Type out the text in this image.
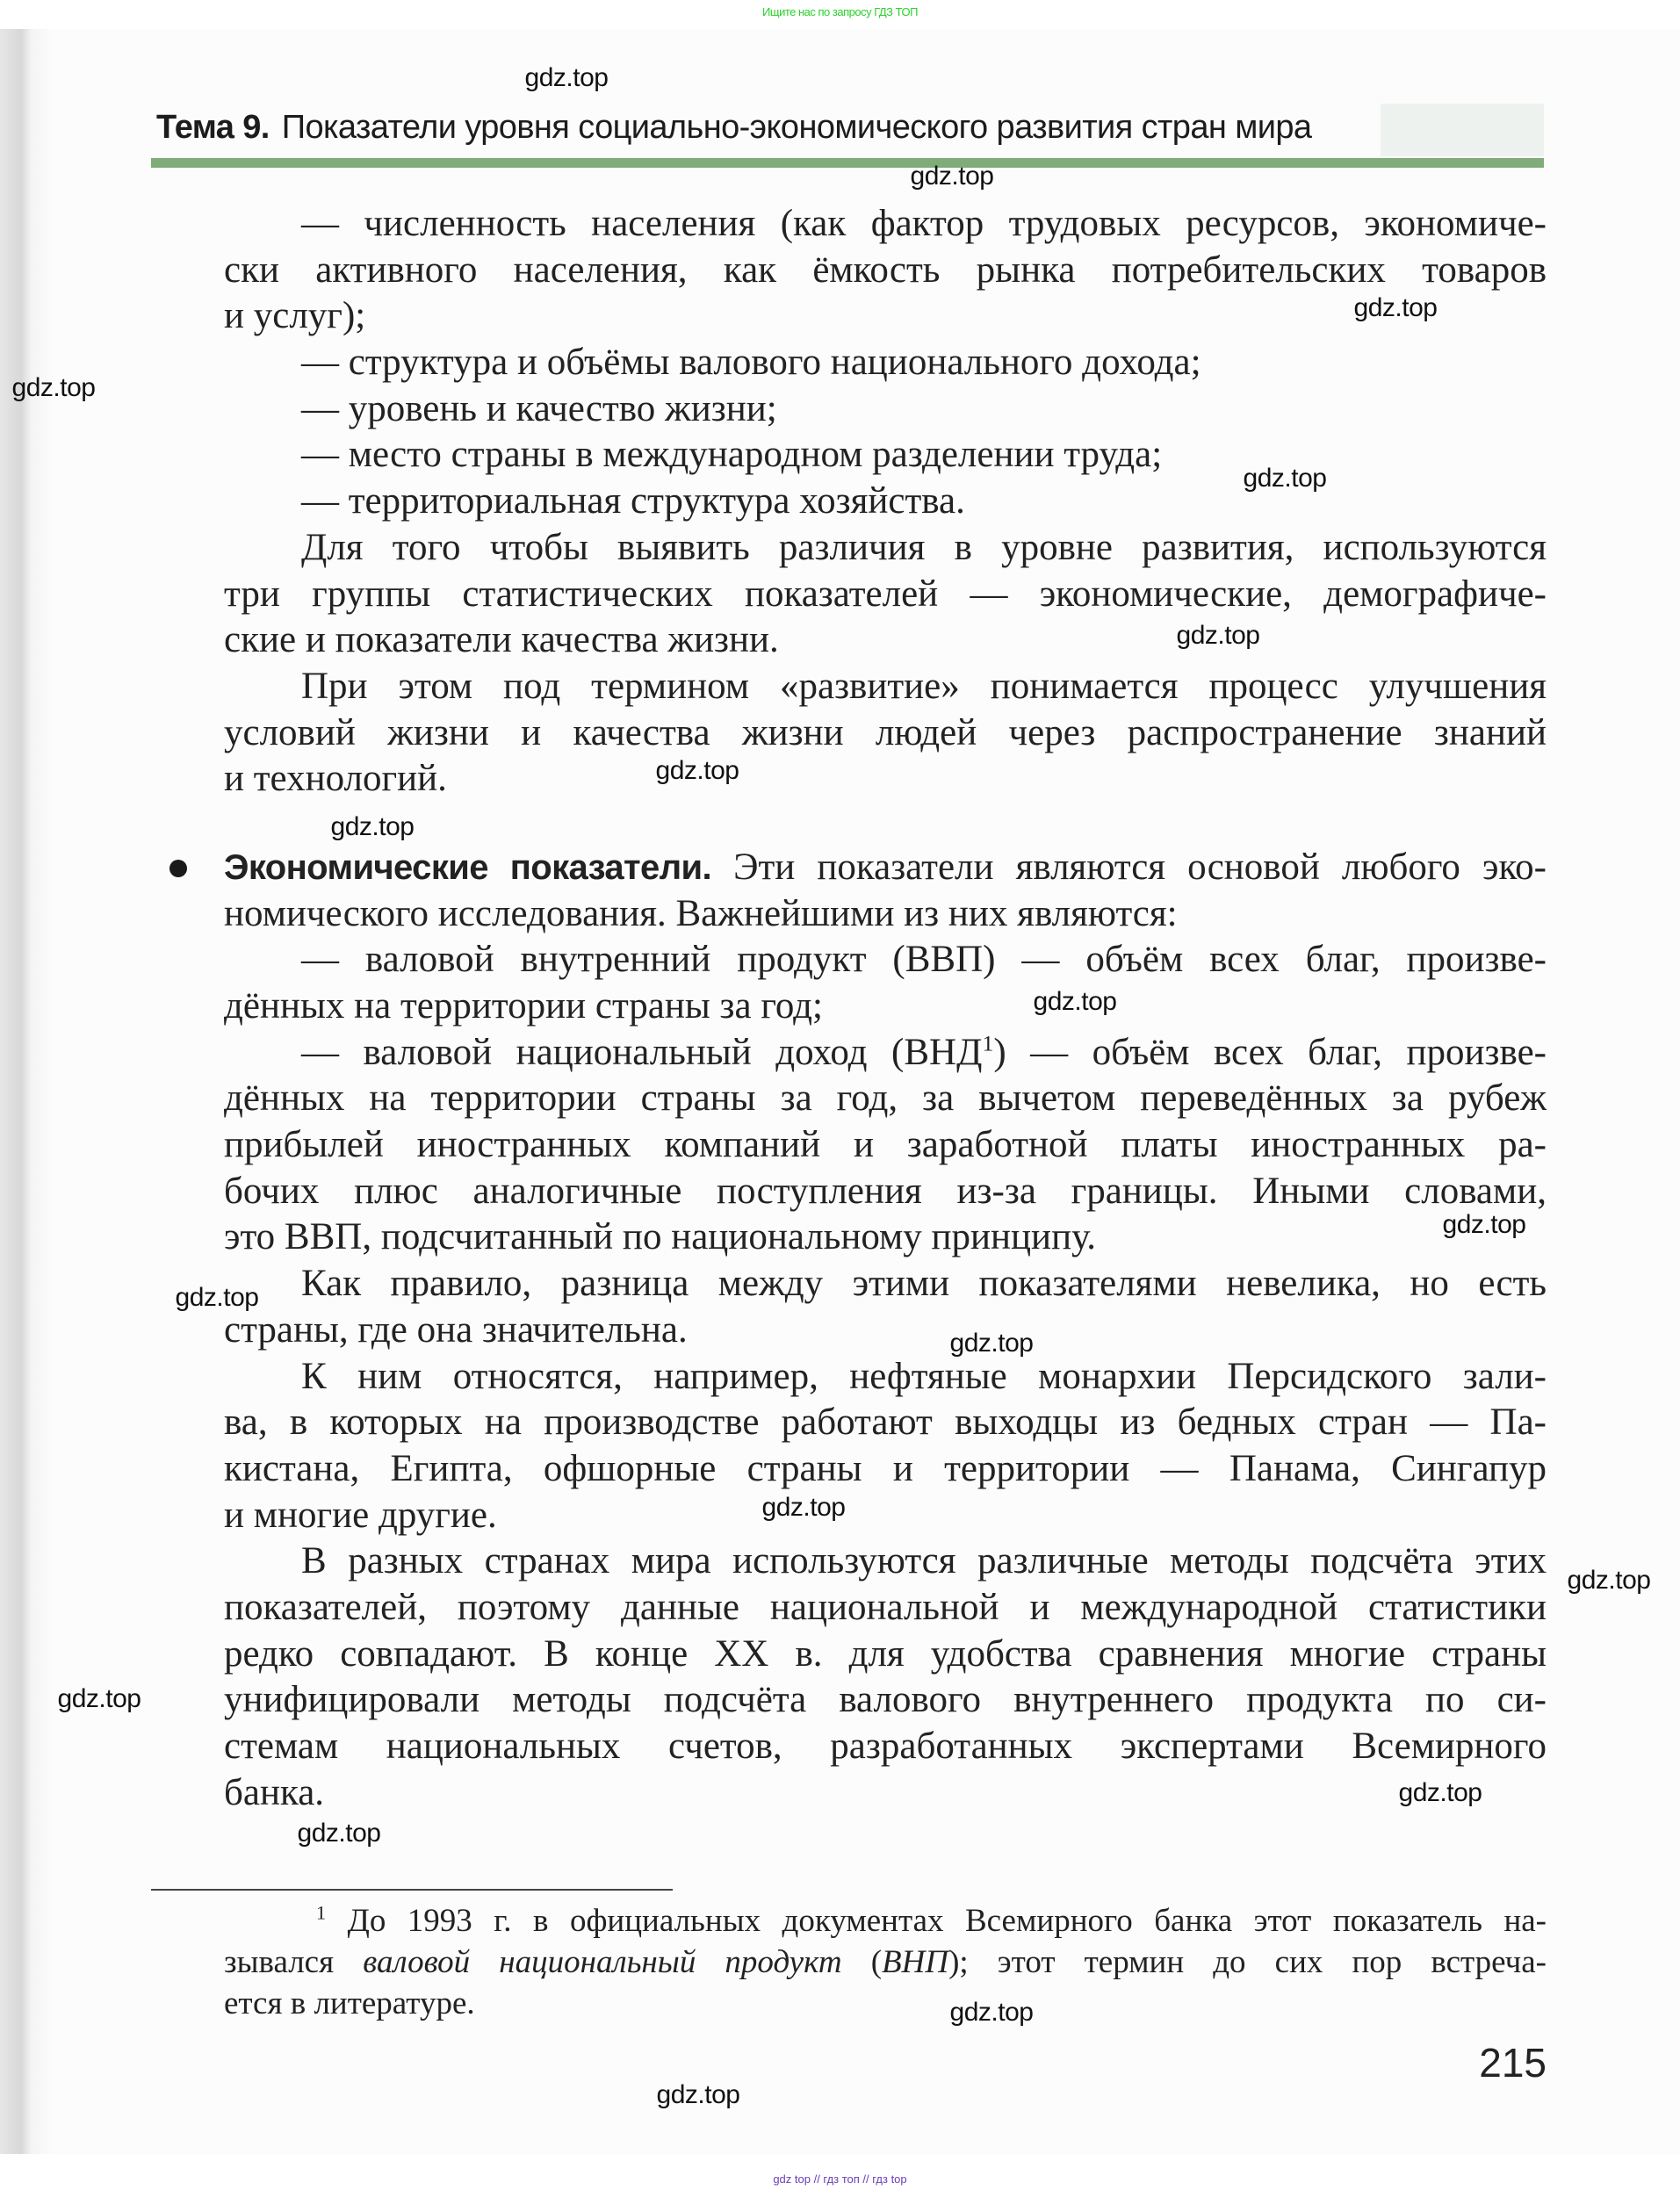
Ищите нас по запросу ГДЗ ТОП
Тема 9. Показатели уровня социально-экономического развития стран мира
— численность населения (как фактор трудовых ресурсов, экономиче-
ски активного населения, как ёмкость рынка потребительских товаров
и услуг);
— структура и объёмы валового национального дохода;
— уровень и качество жизни;
— место страны в международном разделении труда;
— территориальная структура хозяйства.
Для того чтобы выявить различия в уровне развития, используются
три группы статистических показателей — экономические, демографиче-
ские и показатели качества жизни.
При этом под термином «развитие» понимается процесс улучшения
условий жизни и качества жизни людей через распространение знаний
и технологий.
Экономические показатели. Эти показатели являются основой любого эко-
номического исследования. Важнейшими из них являются:
— валовой внутренний продукт (ВВП) — объём всех благ, произве-
дённых на территории страны за год;
— валовой национальный доход (ВНД$^1$) — объём всех благ, произве-
дённых на территории страны за год, за вычетом переведённых за рубеж
прибылей иностранных компаний и заработной платы иностранных ра-
бочих плюс аналогичные поступления из-за границы. Иными словами,
это ВВП, подсчитанный по национальному принципу.
Как правило, разница между этими показателями невелика, но есть
страны, где она значительна.
К ним относятся, например, нефтяные монархии Персидского зали-
ва, в которых на производстве работают выходцы из бедных стран — Па-
кистана, Египта, офшорные страны и территории — Панама, Сингапур
и многие другие.
В разных странах мира используются различные методы подсчёта этих
показателей, поэтому данные национальной и международной статистики
редко совпадают. В конце XX в. для удобства сравнения многие страны
унифицировали методы подсчёта валового внутреннего продукта по си-
стемам национальных счетов, разработанных экспертами Всемирного
банка.
$^1$ До 1993 г. в официальных документах Всемирного банка этот показатель на-
зывался валовой национальный продукт (ВНП); этот термин до сих пор встреча-
ется в литературе.
215
gdz.top
gdz.top
gdz.top
gdz.top
gdz.top
gdz.top
gdz.top
gdz.top
gdz.top
gdz.top
gdz.top
gdz.top
gdz.top
gdz.top
gdz.top
gdz.top
gdz.top
gdz.top
gdz.top
gdz top // гдз топ // гдз top
